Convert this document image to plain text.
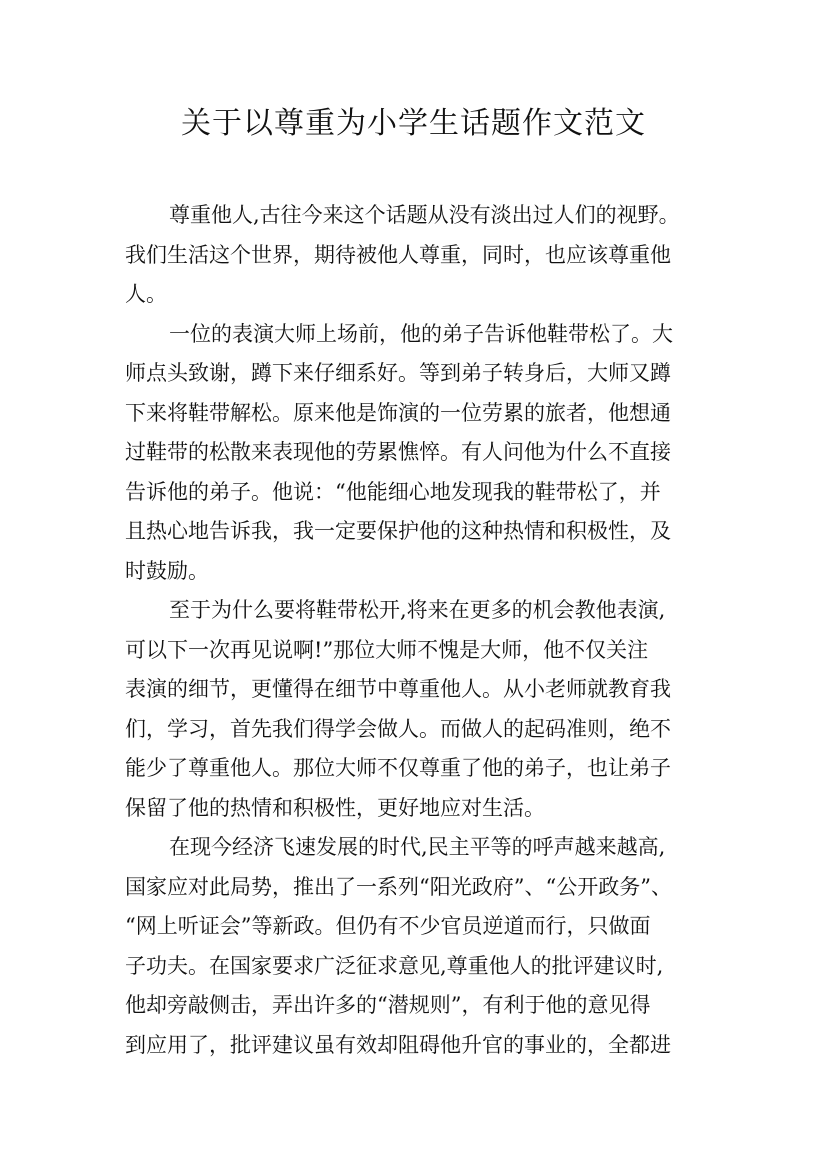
关于以尊重为小学生话题作文范文
尊重他人,古往今来这个话题从没有淡出过人们的视野。
我们生活这个世界，期待被他人尊重，同时，也应该尊重他
人。
一位的表演大师上场前，他的弟子告诉他鞋带松了。大
师点头致谢，蹲下来仔细系好。等到弟子转身后，大师又蹲
下来将鞋带解松。原来他是饰演的一位劳累的旅者，他想通
过鞋带的松散来表现他的劳累憔悴。有人问他为什么不直接
告诉他的弟子。他说：“他能细心地发现我的鞋带松了，并
且热心地告诉我，我一定要保护他的这种热情和积极性，及
时鼓励。
至于为什么要将鞋带松开,将来在更多的机会教他表演,
可以下一次再见说啊!”那位大师不愧是大师，他不仅关注
表演的细节，更懂得在细节中尊重他人。从小老师就教育我
们，学习，首先我们得学会做人。而做人的起码准则，绝不
能少了尊重他人。那位大师不仅尊重了他的弟子，也让弟子
保留了他的热情和积极性，更好地应对生活。
在现今经济飞速发展的时代,民主平等的呼声越来越高,
国家应对此局势，推出了一系列“阳光政府”、“公开政务”、
“网上听证会”等新政。但仍有不少官员逆道而行，只做面
子功夫。在国家要求广泛征求意见,尊重他人的批评建议时,
他却旁敲侧击，弄出许多的“潜规则”，有利于他的意见得
到应用了，批评建议虽有效却阻碍他升官的事业的，全都进
